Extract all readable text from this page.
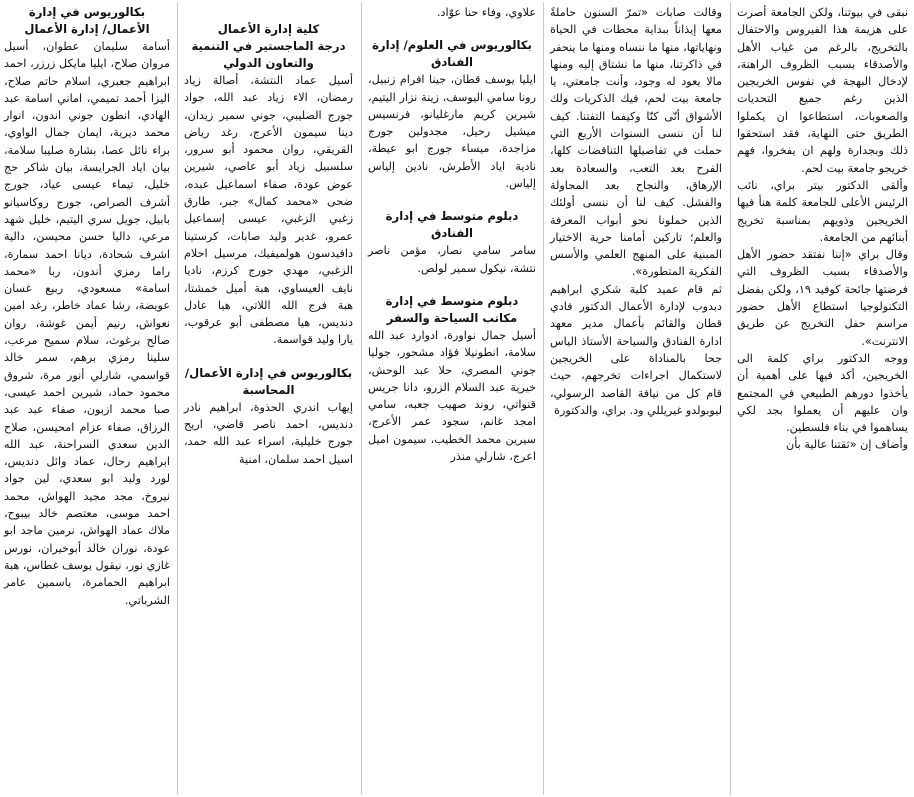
نبقى في بيوتنا، ولكن الجامعة أصرت على هزيمة هذا الفيروس والاحتفال بالتخريج، بالرغم من غياب الأهل والأصدقاء بسبب الظروف الراهنة، لإدخال البهجة في نفوس الخريجين الذين رغم جميع التحديات والصعوبات، استطاعوا ان يكملوا الطريق حتى النهاية، فقد استحقوا ذلك وبجدارة ولهم ان يفخروا، فهم خريجو جامعة بيت لحم.

وألقى الدكتور بيتر براي، نائب الرئيس الأعلى للجامعة كلمة هنأ فيها الخريجين وذويهم بمناسبة تخريج أبنائهم من الجامعة.

وقال براي «إننا نفتقد حضور الأهل والأصدقاء بسبب الظروف التي فرضتها جائحة كوفيد ١٩، ولكن بفضل التكنولوجيا استطاع الأهل حضور مراسم حفل التخريج عن طريق الانترنت».

ووجه الدكتور براي كلمة الى الخريجين، أكد فيها على أهمية أن يأخذوا دورهم الطبيعي في المجتمع وان عليهم أن يعملوا بجد لكي يساهموا في بناء فلسطين.

وأضاف إن «ثقتنا عالية بأن

وقالت صابات «تمرّ السنون حاملةً معها إيذاناً ببداية محطات في الحياة ونهاياتها، منها ما ننساه ومنها ما ينحفر في ذاكرتنا، منها ما نشتاق إليه ومنها مالا يعود له وجود، وأنت جامعتي، يا جامعة بيت لحم، فيك الذكريات ولك الأشواق أنّى كنّا وكيفما التفتنا. كيف لنا أن ننسى السنوات الأربع التي حملت في تفاصيلها التناقضات كلها، الفرح بعد التعب، والسعادة بعد الإرهاق، والنجاح بعد المحاولة والفشل. كيف لنا أن ننسى أولئك الذين حملونا نحو أبواب المعرفة والعلم؛ تاركين أمامنا حرية الاختيار المبنية على المنهج العلمي والأسس الفكرية المتطورة».

ثم قام عميد كلية شكري ابراهيم دبدوب لإدارة الأعمال الدكتور فادي قطان والقائم بأعمال مدير معهد ادارة الفنادق والسياحة الأستاذ الياس جحا بالمناداة على الخريجين لاستكمال اجراءات تخرجهم، حيث قام كل من نيافة القاصد الرسولي، ليوبولدو غيريللي ود. براي، والدكتورة

علاوي، وفاء حنا عوّاد.

بكالوريوس في العلوم/ إدارة الفنادق

ايليا يوسف قطان، جينا افرام زنبيل، رونا سامي اليوسف، زينة نزار اليتيم، شيرين كريم مارغليانو، فرنسيس ميشيل رحيل، مجدولين جورج مزاجدة، ميساء جورج ابو عيطة، نادية اياد الأطرش، نادين إلياس إلياس.

دبلوم متوسط في إدارة الفنادق

سامر سامي نصار، مؤمن ناصر نتشة، نيكول سمير لولص.

دبلوم متوسط في إدارة مكاتب السياحة والسفر

أسيل جمال نواورة، ادوارد عبد الله سلامة، انطونيلا فؤاد مشحور، جوليا جوني المصري، حلا عبد الوحش، خيرية عبد السلام الزرو، دانا جريس قنواتي، روند صهيب جعبه، سامي امجد غانم، سجود عمر الأعرج، سيرين محمد الخطيب، سيمون اميل اعرج، شارلي منذر

كلية إدارة الأعمال

درجة الماجستير في التنمية والتعاون الدولي

أسيل عماد النتشة، أصالة زياد رمضان، الاء زياد عبد الله، جواد جورج الصليبي، جوني سمير زيدان، دينا سيمون الأعرج، رغد رياض القريقي، روان محمود أبو سرور، سلسبيل زياد أبو عاصي، شيرين عوض عودة، صفاء اسماعيل عبده، ضحى «محمد كمال» جبر، طارق زغبي الزغبي، عيسى إسماعيل عمرو، غدير وليد صابات، كرستينا دافيدسون هولميفيك، مرسيل احلام الزغبي، مهدي جورج كرزم، ناديا نايف العيساوي، هبة أميل خمشتا، هبة فرج الله اللاتي، هيا عادل دنديس، هيا مصطفى أبو عرقوب، يارا وليد قواسمة.

بكالوريوس في إدارة الأعمال/ المحاسبة

إيهاب اندري الحذوة، ابراهيم نادر دنديس، احمد ناصر قاضي، اريج جورج خليلية، اسراء عبد الله حمد، اسيل احمد سلمان، امنية

بكالوريوس في إدارة الأعمال/ إدارة الأعمال

أسامة سليمان عطوان، أسيل مروان صلاح، ايليا مايكل زرزر، احمد ابراهيم جعبري، اسلام حاتم صلاح، اليزا أحمد تميمي، اماني اسامة عبد الهادي، انطون جوني اندون، انوار محمد ديرية، ايمان جمال الواوي، براء نائل عصا، بشارة صليبا سلامة، بيان اياد الجرايسة، بيان شاكر حج خليل، تيماء عيسى عياد، جورج أشرف الصراص، جورج روكاسيانو بابيل، جويل سري اليتيم، خليل شهد مرعي، داليا حسن محيسن، دالية اشرف شحادة، ديانا احمد سمارة، راما رمزي أندون، ربا «محمد اسامة» مسعودي، ربيع غسان عويضة، رشا عماد خاطر، رغد امين نعواش، رنيم أيمن غوشة، روان صالح برغوث، سلام سميح مرعب، سلينا رمزي برهم، سمر خالد قواسمي، شارلي أنور مرة، شروق محمود حماد، شيرين احمد عيسى، صبا محمد ازبون، صفاء عبد عبد الرزاق، صفاء عزام امحيسن، صلاح الدين سعدي السراحنة، عبد الله ابراهيم رحال، عماد وائل دنديس، لورد وليد ابو سعدي، لين جواد نيروخ، مجد مجيد الهواش، محمد احمد موسى، معتصم خالد بيبوح، ملاك عماد الهواش، نرمين ماجد ابو عودة، نوران خالد أبوخيران، نورس غازي نور، نيقول يوسف غطاس، هبة ابراهيم الحمامرة، ياسمين عامر الشرباتي.
